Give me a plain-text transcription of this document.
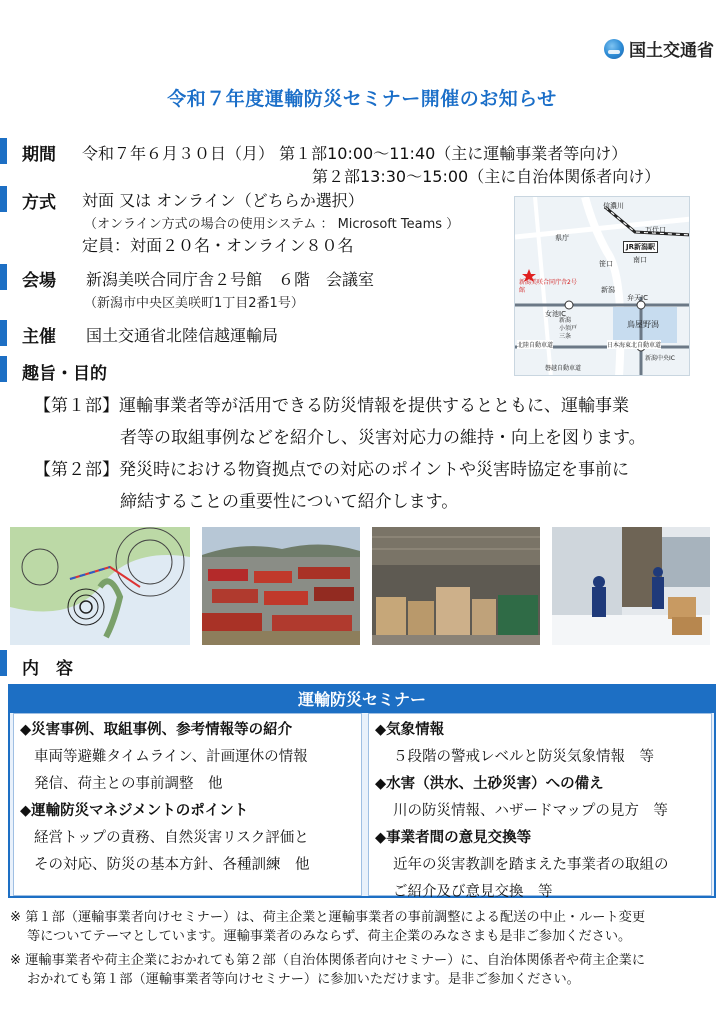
国土交通省
令和７年度運輸防災セミナー開催のお知らせ
期間 令和７年６月３０日（月） 第１部10:00～11:40（主に運輸事業者等向け）
第２部13:30～15:00（主に自治体関係者向け）
方式 対面 又は オンライン（どちらか選択）
（オンライン方式の場合の使用システム ： Microsoft Teams ）
定員：対面２０名・オンライン８０名
会場 新潟美咲合同庁舎２号館　６階　会議室
（新潟市中央区美咲町1丁目2番1号）
主催 国土交通省北陸信越運輸局
信濃川
万代口
JR新潟駅
県庁
南口
笹口
新潟美咲合同庁舎2号館	新潟
女池IC
弁天IC
新潟
小須戸
三条
鳥屋野潟
北陸自動車道	日本海東北自動車道
新潟中央IC
磐越自動車道
趣旨・目的
【第１部】運輸事業者等が活用できる防災情報を提供するとともに、運輸事業
者等の取組事例などを紹介し、災害対応力の維持・向上を図ります。
【第２部】発災時における物資拠点での対応のポイントや災害時協定を事前に
締結することの重要性について紹介します。
内　容
運輸防災セミナー
◆災害事例、取組事例、参考情報等の紹介
車両等避難タイムライン、計画運休の情報
発信、荷主との事前調整　他
◆運輸防災マネジメントのポイント
経営トップの責務、自然災害リスク評価と
その対応、防災の基本方針、各種訓練　他
◆気象情報
５段階の警戒レベルと防災気象情報　等
◆水害（洪水、土砂災害）への備え
川の防災情報、ハザードマップの見方　等
◆事業者間の意見交換等
近年の災害教訓を踏まえた事業者の取組の
ご紹介及び意見交換　等
※ 第１部（運輸事業者向けセミナー）は、荷主企業と運輸事業者の事前調整による配送の中止・ルート変更
等についてテーマとしています。運輸事業者のみならず、荷主企業のみなさまも是非ご参加ください。
※ 運輸事業者や荷主企業におかれても第２部（自治体関係者向けセミナー）に、自治体関係者や荷主企業に
おかれても第１部（運輸事業者等向けセミナー）に参加いただけます。是非ご参加ください。
